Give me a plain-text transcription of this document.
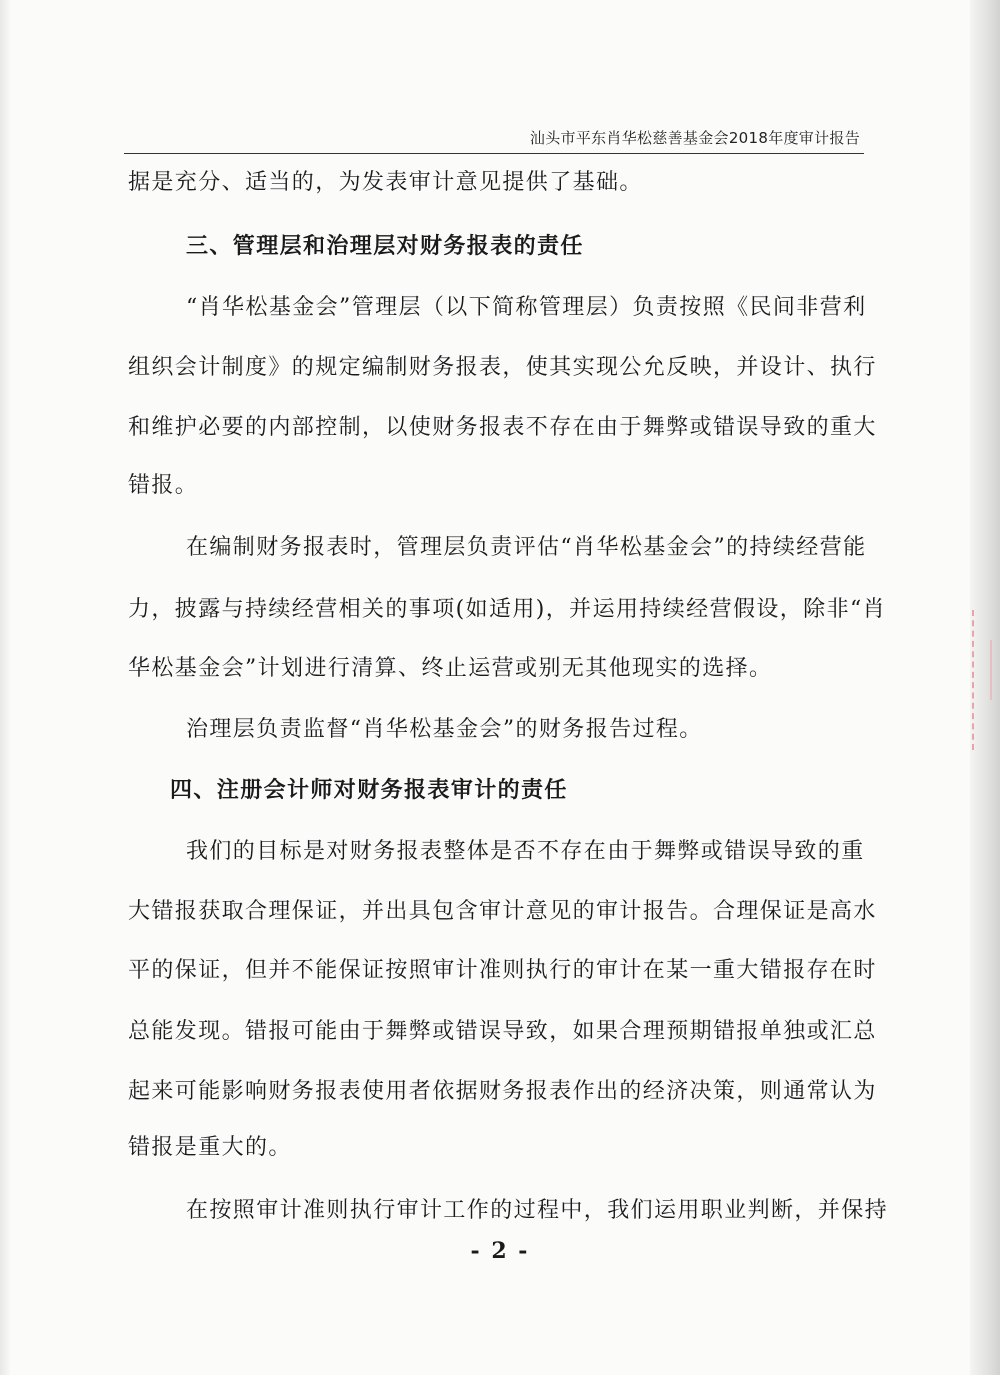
汕头市平东肖华松慈善基金会2018年度审计报告
据是充分、适当的，为发表审计意见提供了基础。
三、管理层和治理层对财务报表的责任
“肖华松基金会”管理层（以下简称管理层）负责按照《民间非营利
组织会计制度》的规定编制财务报表，使其实现公允反映，并设计、执行
和维护必要的内部控制，以使财务报表不存在由于舞弊或错误导致的重大
错报。
在编制财务报表时，管理层负责评估“肖华松基金会”的持续经营能
力，披露与持续经营相关的事项(如适用)，并运用持续经营假设，除非“肖
华松基金会”计划进行清算、终止运营或别无其他现实的选择。
治理层负责监督“肖华松基金会”的财务报告过程。
四、注册会计师对财务报表审计的责任
我们的目标是对财务报表整体是否不存在由于舞弊或错误导致的重
大错报获取合理保证，并出具包含审计意见的审计报告。合理保证是高水
平的保证，但并不能保证按照审计准则执行的审计在某一重大错报存在时
总能发现。错报可能由于舞弊或错误导致，如果合理预期错报单独或汇总
起来可能影响财务报表使用者依据财务报表作出的经济决策，则通常认为
错报是重大的。
在按照审计准则执行审计工作的过程中，我们运用职业判断，并保持
- 2 -
